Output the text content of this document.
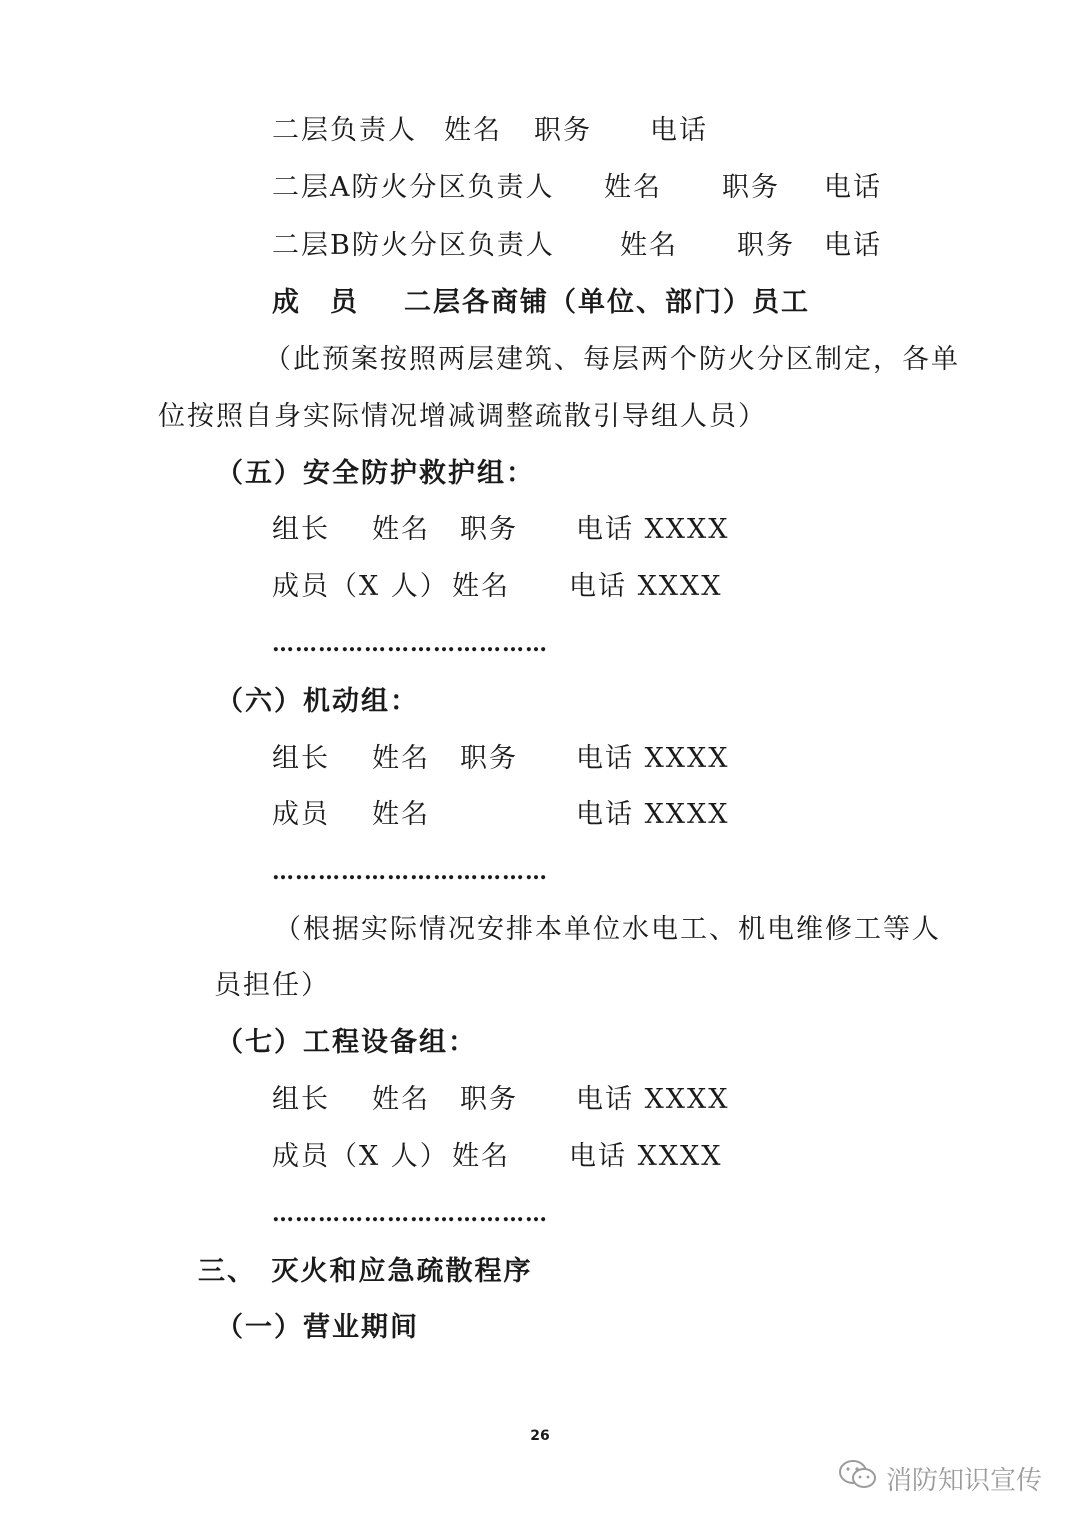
二层负责人 姓名 职务 电话
二层A防火分区负责人 姓名 职务 电话
二层B防火分区负责人 姓名 职务 电话
成　员 二层各商铺（单位、部门）员工
（此预案按照两层建筑、每层两个防火分区制定，各单
位按照自身实际情况增减调整疏散引导组人员）
（五）安全防护救护组：
组长 姓名 职务 电话 XXXX
成员（X 人） 姓名 电话 XXXX
………………………………
（六）机动组：
组长 姓名 职务 电话 XXXX
成员 姓名	电话 XXXX
………………………………
（根据实际情况安排本单位水电工、机电维修工等人
员担任）
（七）工程设备组：
组长 姓名 职务 电话 XXXX
成员（X 人） 姓名 电话 XXXX
………………………………
三、　灭火和应急疏散程序
（一）营业期间
26
消防知识宣传
